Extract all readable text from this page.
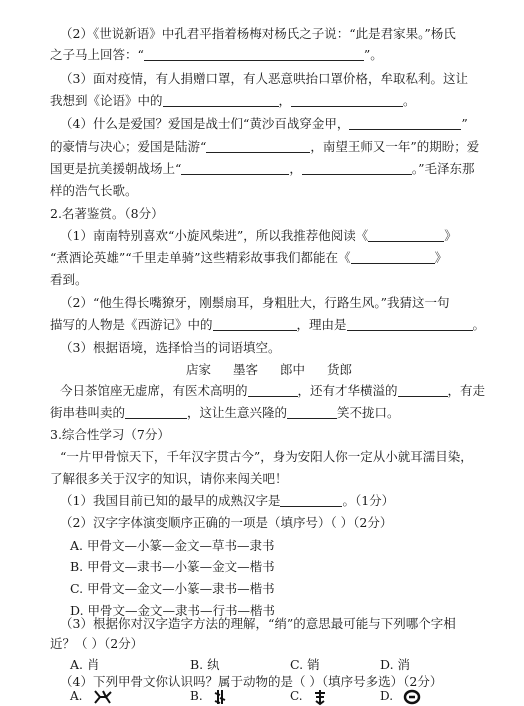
（2）《世说新语》中孔君平指着杨梅对杨氏之子说：“此是君家果。”杨氏
之子马上回答：“	”。
（3）面对疫情，有人捐赠口罩，有人恶意哄抬口罩价格，牟取私利。这让
我想到《论语》中的	，	。
（4）什么是爱国？爱国是战士们“黄沙百战穿金甲，	”
的豪情与决心；爱国是陆游“	，南望王师又一年”的期盼；爱
国更是抗美援朝战场上“	，	。”毛泽东那
样的浩气长歌。
2.名著鉴赏。（8分）
（1）南南特别喜欢“小旋风柴进”，所以我推荐他阅读《	》
“煮酒论英雄”“千里走单骑”这些精彩故事我们都能在《	》
看到。
（2）“他生得长嘴獠牙，刚鬃扇耳，身粗肚大，行路生风。”我猜这一句
描写的人物是《西游记》中的	，理由是	。
（3）根据语境，选择恰当的词语填空。
店家 墨客 郎中 货郎
今日茶馆座无虚席，有医术高明的	，还有才华横溢的	，有走
街串巷叫卖的	，这让生意兴隆的	笑不拢口。
3.综合性学习（7分）
“一片甲骨惊天下，千年汉字贯古今”，身为安阳人你一定从小就耳濡目染，
了解很多关于汉字的知识，请你来闯关吧！
（1）我国目前已知的最早的成熟汉字是	。（1分）
（2）汉字字体演变顺序正确的一项是（填序号）（ ）（2分）
A. 甲骨文—小篆—金文—草书—隶书
B. 甲骨文—隶书—小篆—金文—楷书
C. 甲骨文—金文—小篆—隶书—楷书
D. 甲骨文—金文—隶书—行书—楷书
（3）根据你对汉字造字方法的理解，“绡”的意思最可能与下列哪个字相
近？（ ）（2分）
A. 肖	B. 纨	C. 销	D. 消
（4）下列甲骨文你认识吗？属于动物的是（ ）（填序号多选）（2分）
A.	B.	C.	D.
